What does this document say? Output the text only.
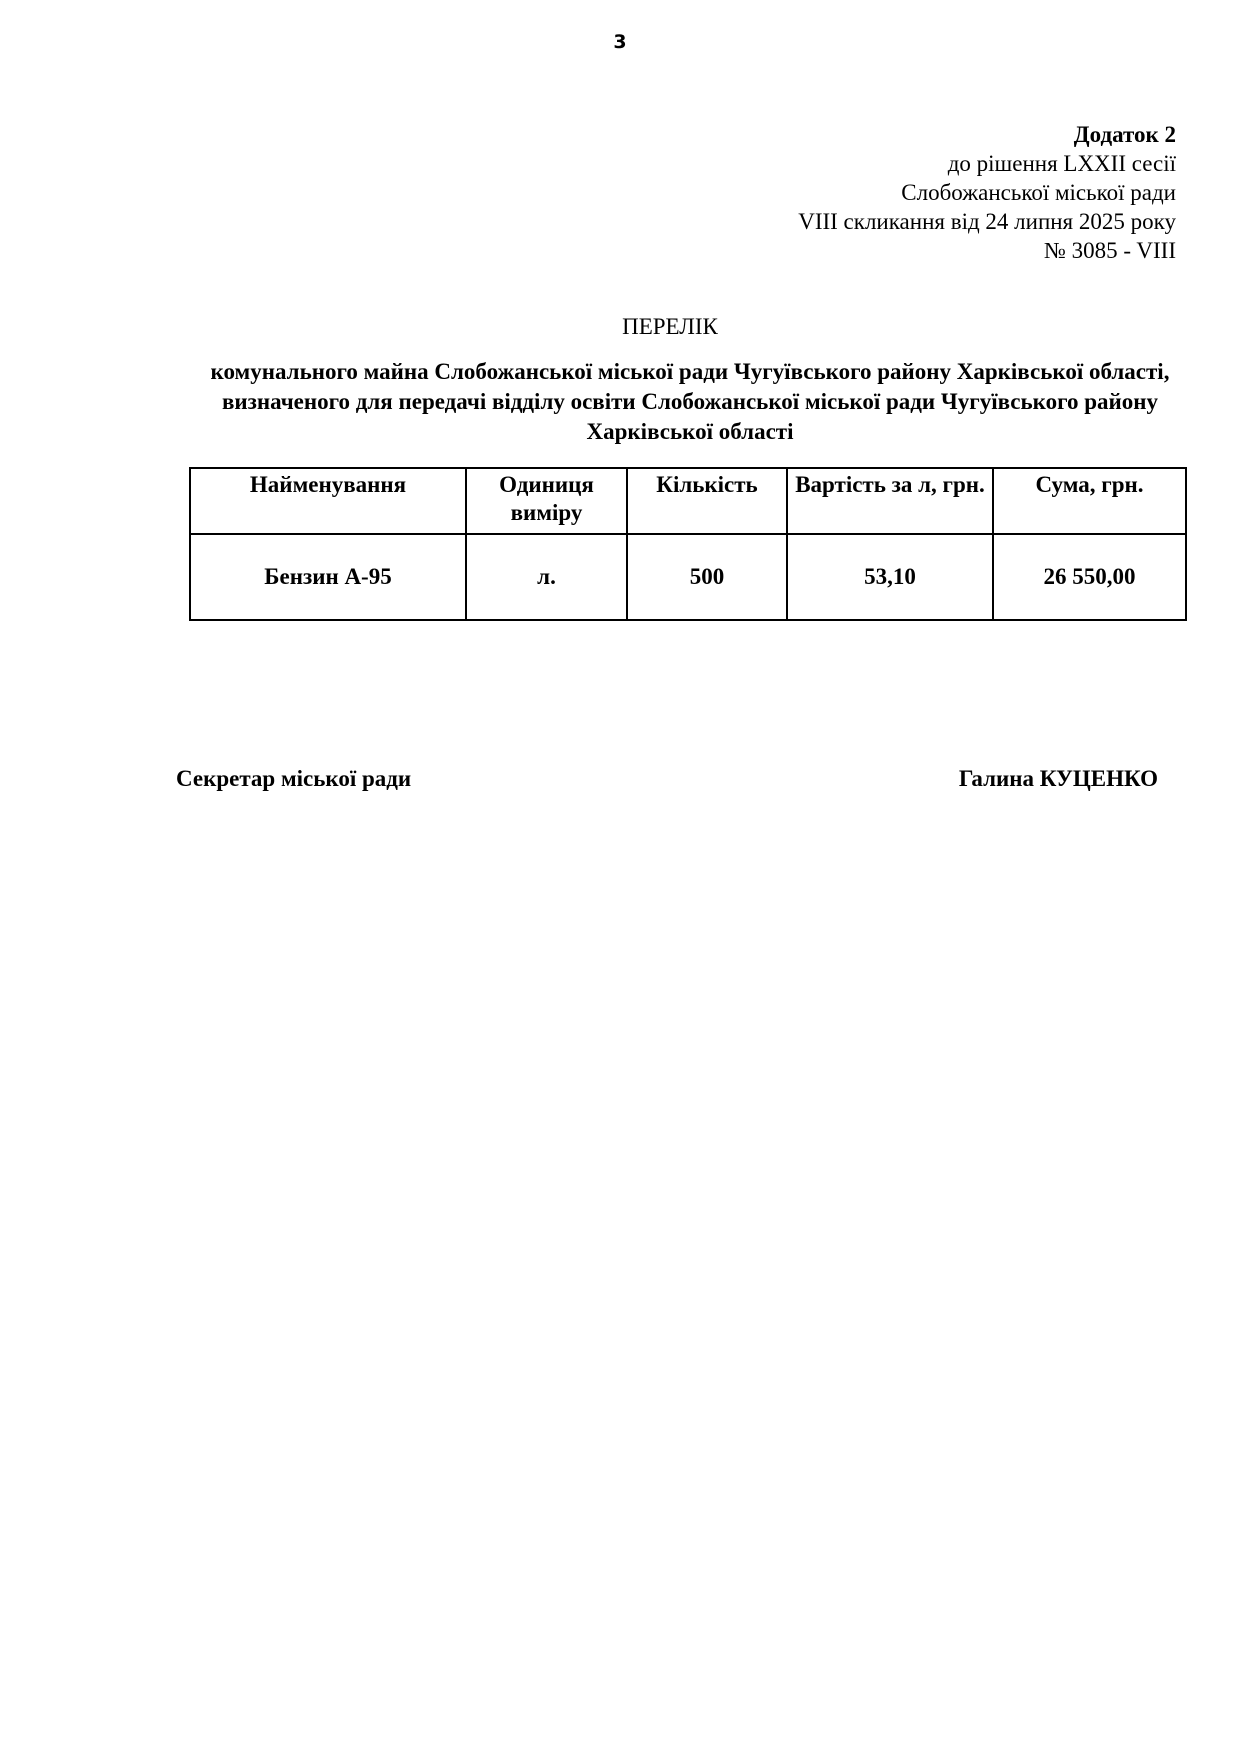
3
Додаток 2
до рішення LXXII сесії
Слобожанської міської ради
VIII скликання від 24 липня 2025 року
№ 3085 - VIII
ПЕРЕЛІК
комунального майна Слобожанської міської ради Чугуївського району Харківської області,
визначеного для передачі відділу освіти Слобожанської міської ради Чугуївського району
Харківської області
Найменування	Одиниця виміру	Кількість	Вартість за л, грн.	Сума, грн.
Бензин А-95	л.	500	53,10	26 550,00
Секретар міської ради	Галина КУЦЕНКО
